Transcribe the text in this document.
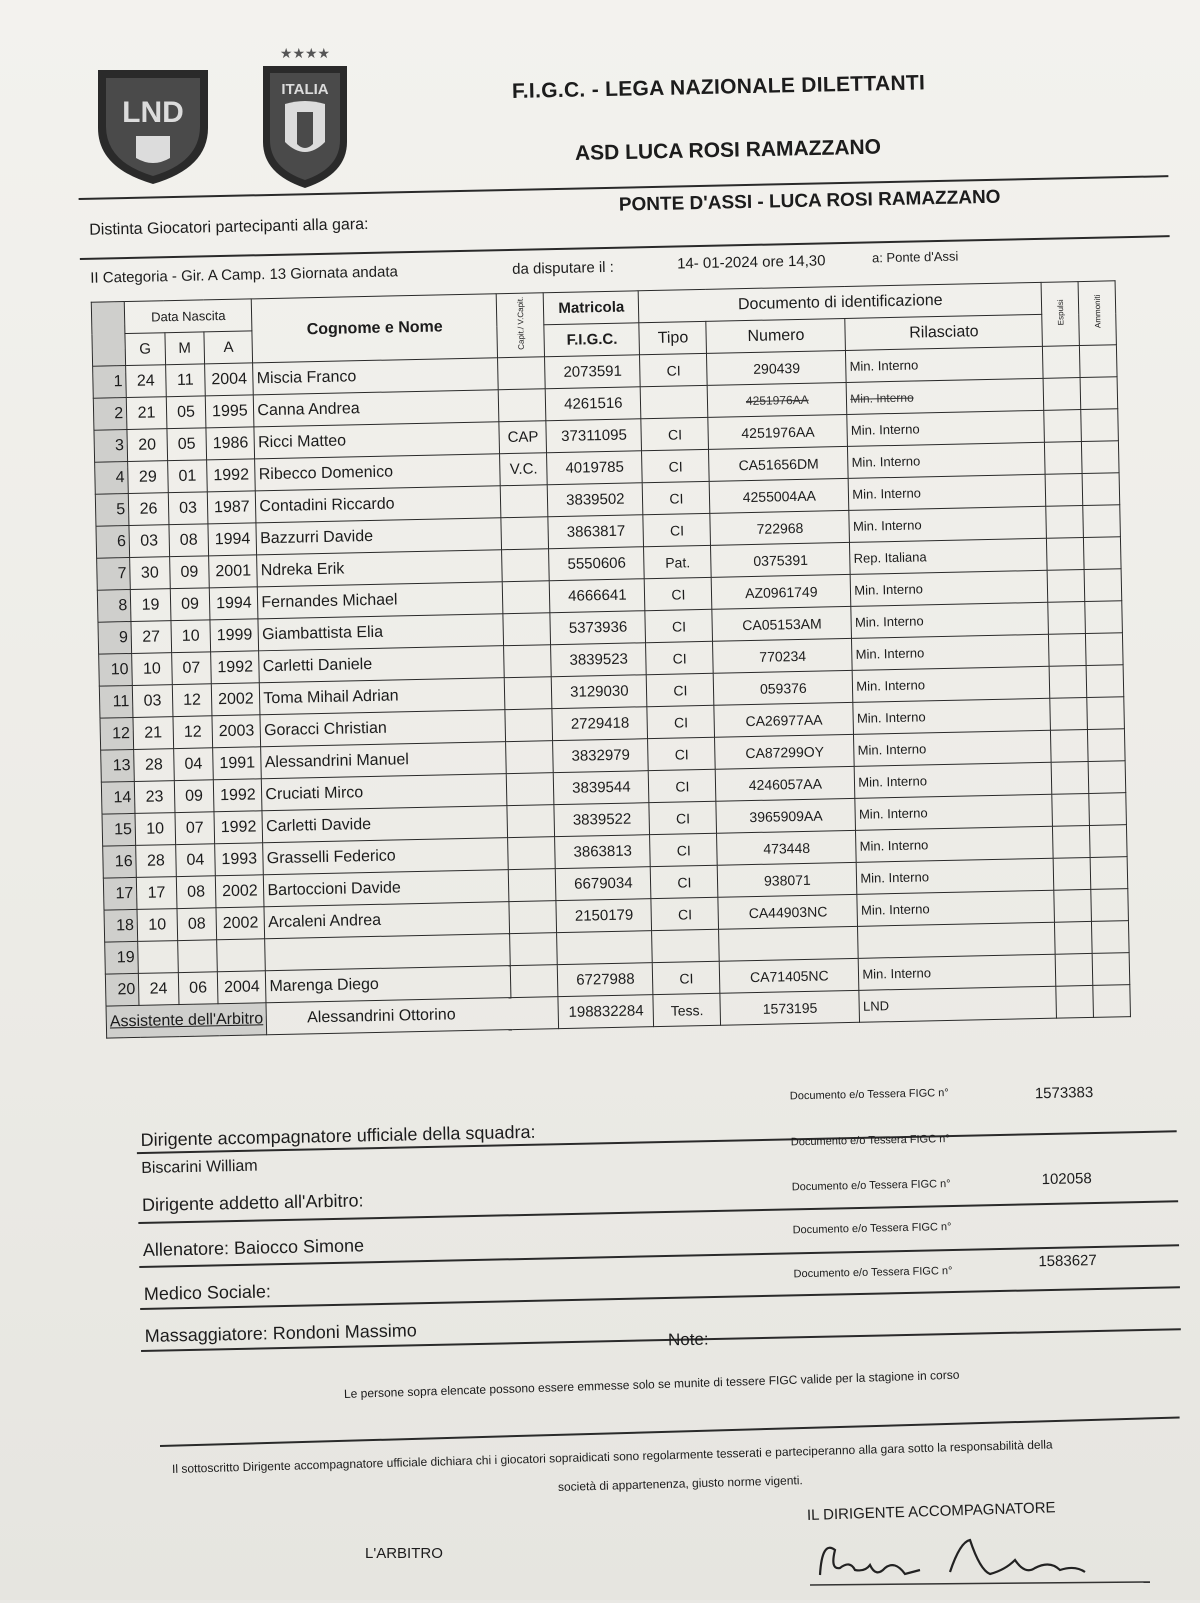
LND
★★★★
ITALIA	F.I.G.C. - LEGA NAZIONALE DILETTANTI
ASD LUCA ROSI RAMAZZANO
Distinta Giocatori partecipanti alla gara:
PONTE D'ASSI - LUCA ROSI RAMAZZANO
II Categoria - Gir. A Camp. 13 Giornata andata	da disputare il :	14- 01-2024 ore 14,30	a: Ponte d'Assi
	Data Nascita			Cognome e Nome	Capit./ V.Capit.	Matricola	Documento di identificazione			Espulsi	Ammoniti
	G	M	A			F.I.G.C.	Tipo	Numero	Rilasciato		
1	24	11	2004	Miscia Franco		2073591	CI	290439	Min. Interno		
2	21	05	1995	Canna Andrea		4261516		4251976AA	Min. Interno		
3	20	05	1986	Ricci Matteo	CAP	37311095	CI	4251976AA	Min. Interno		
4	29	01	1992	Ribecco Domenico	V.C.	4019785	CI	CA51656DM	Min. Interno		
5	26	03	1987	Contadini Riccardo		3839502	CI	4255004AA	Min. Interno		
6	03	08	1994	Bazzurri Davide		3863817	CI	722968	Min. Interno		
7	30	09	2001	Ndreka Erik		5550606	Pat.	0375391	Rep. Italiana		
8	19	09	1994	Fernandes Michael		4666641	CI	AZ0961749	Min. Interno		
9	27	10	1999	Giambattista Elia		5373936	CI	CA05153AM	Min. Interno		
10	10	07	1992	Carletti Daniele		3839523	CI	770234	Min. Interno		
11	03	12	2002	Toma Mihail Adrian		3129030	CI	059376	Min. Interno		
12	21	12	2003	Goracci Christian		2729418	CI	CA26977AA	Min. Interno		
13	28	04	1991	Alessandrini Manuel		3832979	CI	CA87299OY	Min. Interno		
14	23	09	1992	Cruciati Mirco		3839544	CI	4246057AA	Min. Interno		
15	10	07	1992	Carletti Davide		3839522	CI	3965909AA	Min. Interno		
16	28	04	1993	Grasselli Federico		3863813	CI	473448	Min. Interno		
17	17	08	2002	Bartoccioni Davide		6679034	CI	938071	Min. Interno		
18	10	08	2002	Arcaleni Andrea		2150179	CI	CA44903NC	Min. Interno		
19											
20	24	06	2004	Marenga Diego		6727988	CI	CA71405NC	Min. Interno		
Assistente dell'Arbitro				Alessandrini Ottorino		198832284	Tess.	1573195	LND		
Dirigente accompagnatore ufficiale della squadra:
Documento e/o Tessera FIGC n°	1573383
Biscarini William
Documento e/o Tessera FIGC n°
Dirigente addetto all'Arbitro:
Documento e/o Tessera FIGC n°	102058
Allenatore: Baiocco Simone
Documento e/o Tessera FIGC n°
Medico Sociale:
Documento e/o Tessera FIGC n°
1583627
Massaggiatore: Rondoni Massimo	Note:
Le persone sopra elencate possono essere emmesse solo se munite di tessere FIGC valide per la stagione in corso
Il sottoscritto Dirigente accompagnatore ufficiale dichiara chi i giocatori sopraidicati sono regolarmente tesserati e parteciperanno alla gara sotto la responsabilità della
società di appartenenza, giusto norme vigenti.
L'ARBITRO
IL DIRIGENTE ACCOMPAGNATORE
